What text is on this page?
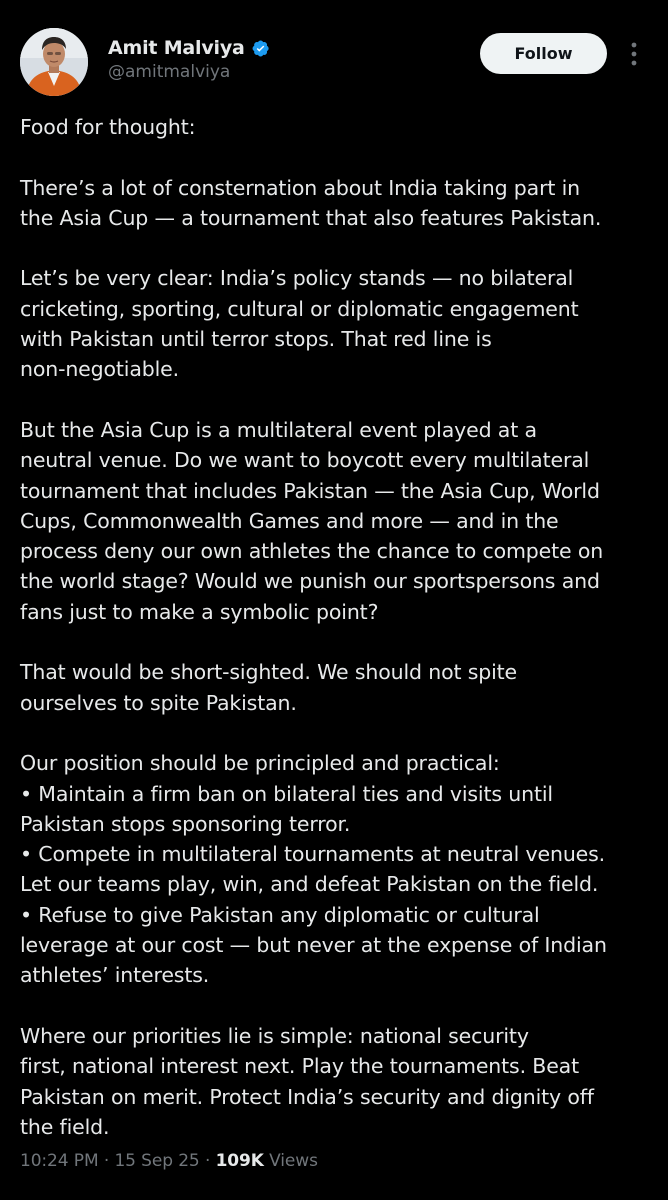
Amit Malviya
@amitmalviya
Follow

Food for thought:

There’s a lot of consternation about India taking part in
the Asia Cup — a tournament that also features Pakistan.

Let’s be very clear: India’s policy stands — no bilateral
cricketing, sporting, cultural or diplomatic engagement
with Pakistan until terror stops. That red line is
non-negotiable.

But the Asia Cup is a multilateral event played at a
neutral venue. Do we want to boycott every multilateral
tournament that includes Pakistan — the Asia Cup, World
Cups, Commonwealth Games and more — and in the
process deny our own athletes the chance to compete on
the world stage? Would we punish our sportspersons and
fans just to make a symbolic point?

That would be short-sighted. We should not spite
ourselves to spite Pakistan.

Our position should be principled and practical:
• Maintain a firm ban on bilateral ties and visits until
Pakistan stops sponsoring terror.
• Compete in multilateral tournaments at neutral venues.
Let our teams play, win, and defeat Pakistan on the field.
• Refuse to give Pakistan any diplomatic or cultural
leverage at our cost — but never at the expense of Indian
athletes’ interests.

Where our priorities lie is simple: national security
first, national interest next. Play the tournaments. Beat
Pakistan on merit. Protect India’s security and dignity off
the field.

10:24 PM · 15 Sep 25 · 109K Views
